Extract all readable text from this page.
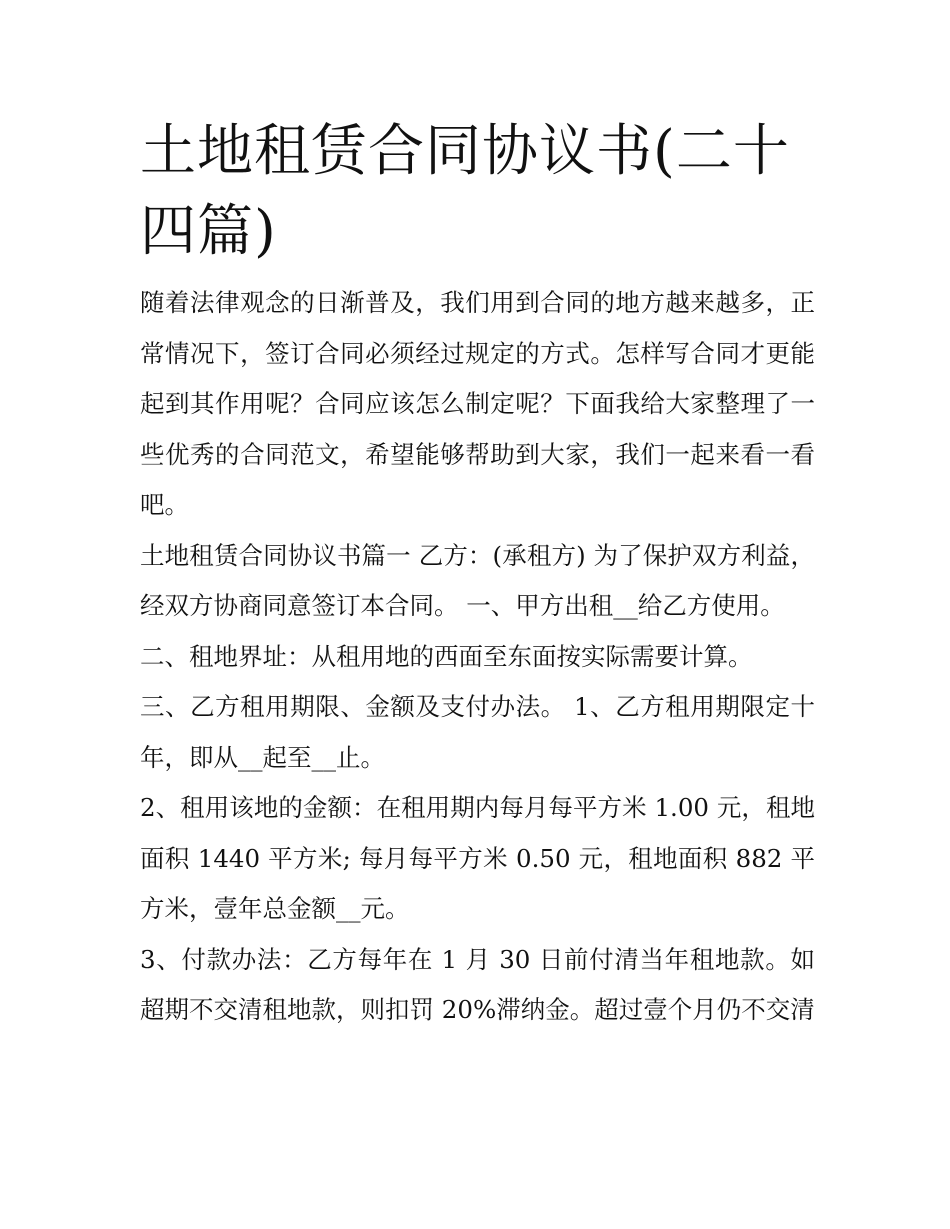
土地租赁合同协议书(二十四篇)

随着法律观念的日渐普及，我们用到合同的地方越来越多，正常情况下，签订合同必须经过规定的方式。怎样写合同才更能起到其作用呢？合同应该怎么制定呢？下面我给大家整理了一些优秀的合同范文，希望能够帮助到大家，我们一起来看一看吧。

土地租赁合同协议书篇一 乙方：(承租方) 为了保护双方利益，经双方协商同意签订本合同。 一、甲方出租__给乙方使用。

二、租地界址：从租用地的西面至东面按实际需要计算。

三、乙方租用期限、金额及支付办法。 1、乙方租用期限定十年，即从__起至__止。

2、租用该地的金额：在租用期内每月每平方米 1.00 元，租地面积 1440 平方米; 每月每平方米 0.50 元，租地面积 882 平方米，壹年总金额__元。

3、付款办法：乙方每年在 1 月 30 日前付清当年租地款。如超期不交清租地款，则扣罚 20%滞纳金。超过壹个月仍不交清
